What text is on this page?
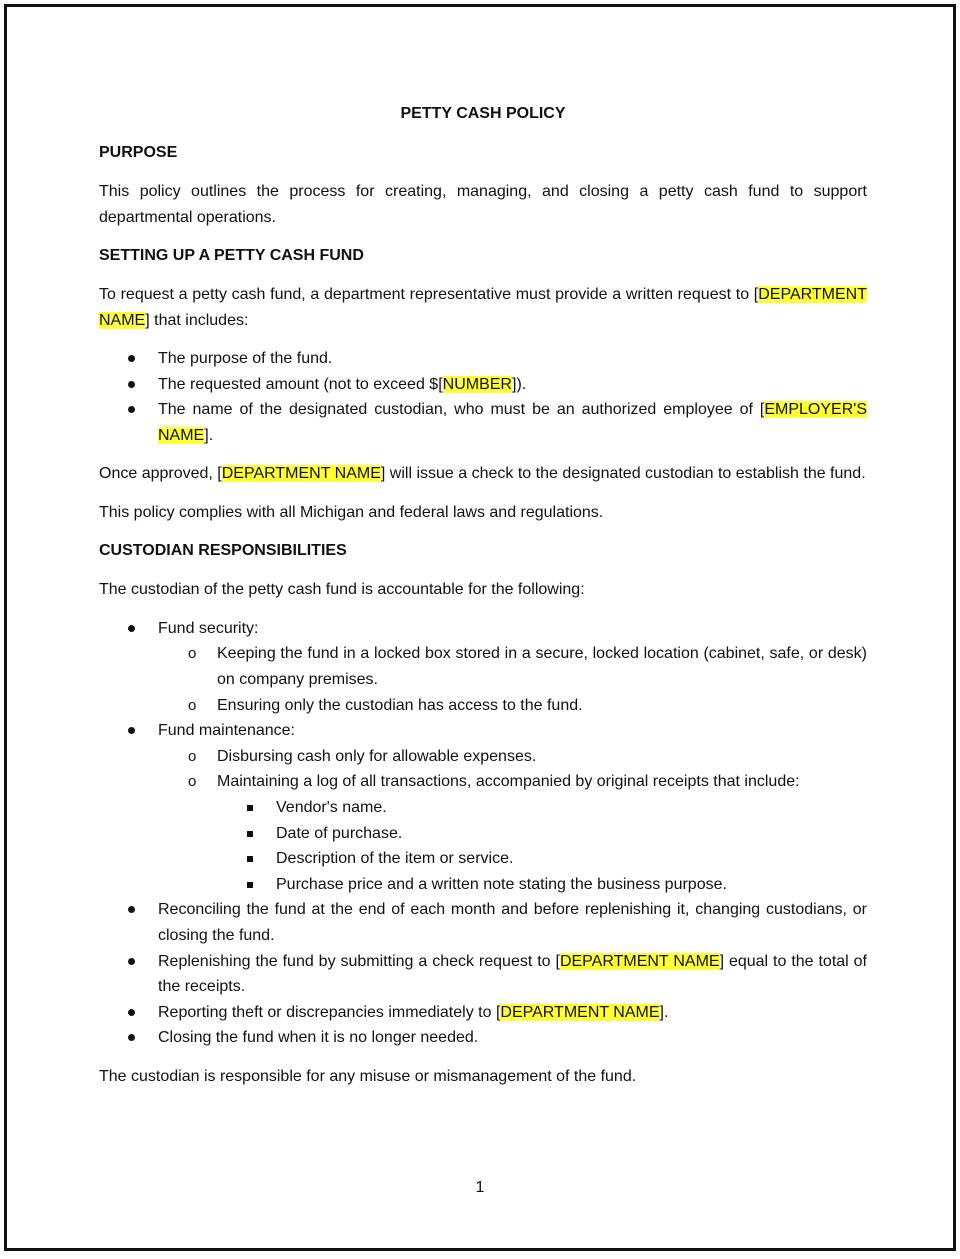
PETTY CASH POLICY
PURPOSE
This policy outlines the process for creating, managing, and closing a petty cash fund to support departmental operations.
SETTING UP A PETTY CASH FUND
To request a petty cash fund, a department representative must provide a written request to [DEPARTMENT NAME] that includes:
The purpose of the fund.
The requested amount (not to exceed $[NUMBER]).
The name of the designated custodian, who must be an authorized employee of [EMPLOYER'S NAME].
Once approved, [DEPARTMENT NAME] will issue a check to the designated custodian to establish the fund.
This policy complies with all Michigan and federal laws and regulations.
CUSTODIAN RESPONSIBILITIES
The custodian of the petty cash fund is accountable for the following:
Fund security:
o Keeping the fund in a locked box stored in a secure, locked location (cabinet, safe, or desk) on company premises.
o Ensuring only the custodian has access to the fund.
Fund maintenance:
o Disbursing cash only for allowable expenses.
o Maintaining a log of all transactions, accompanied by original receipts that include:
Vendor's name.
Date of purchase.
Description of the item or service.
Purchase price and a written note stating the business purpose.
Reconciling the fund at the end of each month and before replenishing it, changing custodians, or closing the fund.
Replenishing the fund by submitting a check request to [DEPARTMENT NAME] equal to the total of the receipts.
Reporting theft or discrepancies immediately to [DEPARTMENT NAME].
Closing the fund when it is no longer needed.
The custodian is responsible for any misuse or mismanagement of the fund.
1
